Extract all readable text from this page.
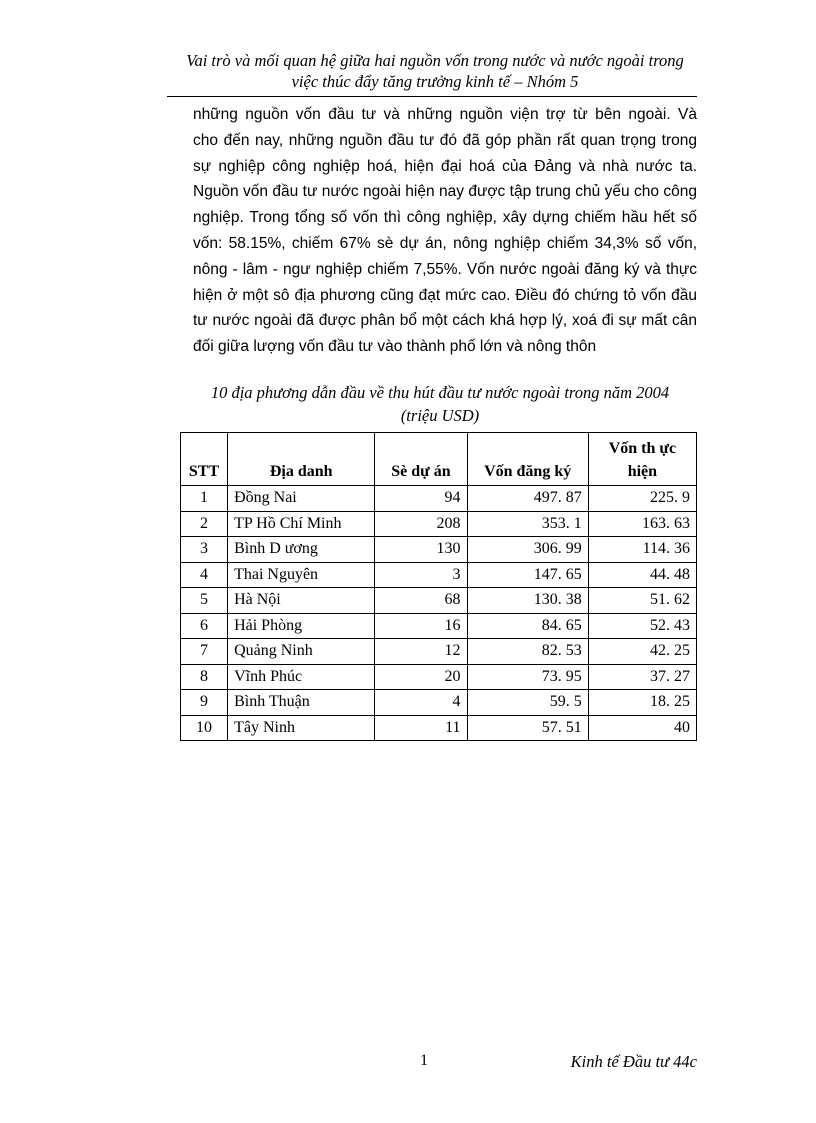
Vai trò và mối quan hệ giữa hai nguồn vốn trong nước và nước ngoài trong
việc thúc đẩy tăng trưởng kinh tế – Nhóm 5
những nguồn vốn đầu tư và những nguồn viện trợ từ bên ngoài. Và
cho đến nay, những nguồn đầu tư đó đã góp phần rất quan trọng trong
sự nghiệp công nghiệp hoá, hiện đại hoá của Đảng và nhà nước ta.
Nguồn vốn đầu tư nước ngoài hiện nay được tập trung chủ yếu cho công
nghiệp. Trong tổng số vốn thì công nghiệp, xây dựng chiếm hầu hết số
vốn: 58.15%, chiếm 67% sè dự án, nông nghiệp chiếm 34,3% số vốn,
nông - lâm - ngư nghiệp chiếm 7,55%. Vốn nước ngoài đăng ký và thực
hiện ở một sô địa phương cũng đạt mức cao. Điều đó chứng tỏ vốn đầu
tư nước ngoài đã được phân bổ một cách khá hợp lý, xoá đi sự mất cân
đối giữa lượng vốn đầu tư vào thành phố lớn và nông thôn
10 địa phương dẫn đầu về thu hút đầu tư nước ngoài trong năm 2004
(triệu USD)
STT	Địa danh	Sè dự án	Vốn đăng ký	Vốn th ực
hiện

1	Đồng Nai	94	497. 87	225. 9
2	TP Hồ Chí Minh	208	353. 1	163. 63
3	Bình D ương	130	306. 99	114. 36
4	Thai Nguyên	3	147. 65	44. 48
5	Hà Nội	68	130. 38	51. 62
6	Hải Phòng	16	84. 65	52. 43
7	Quảng Ninh	12	82. 53	42. 25
8	Vĩnh Phúc	20	73. 95	37. 27
9	Bình Thuận	4	59. 5	18. 25
10	Tây Ninh	11	57. 51	40
1	Kinh tế Đầu tư 44c
